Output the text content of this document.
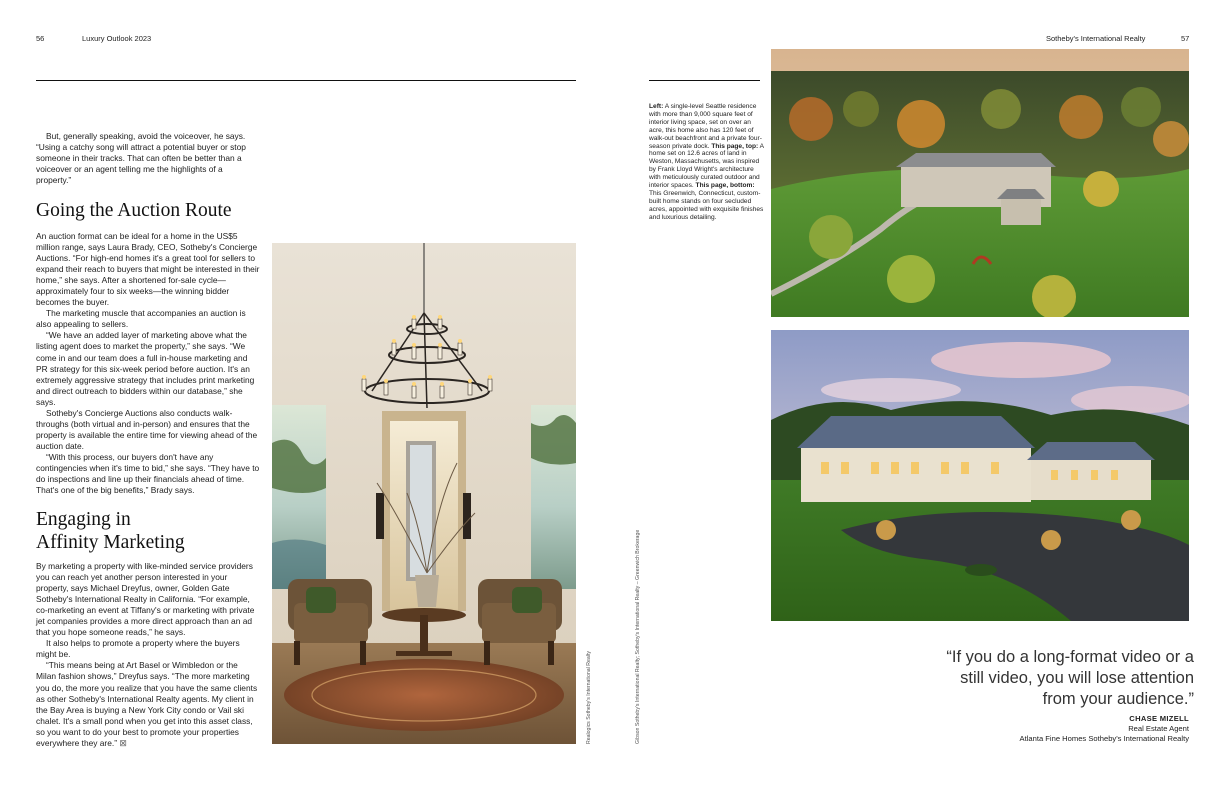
56	Luxury Outlook 2023	Sotheby's International Realty	57

But, generally speaking, avoid the voiceover, he says. “Using a catchy song will attract a potential buyer or stop someone in their tracks. That can often be better than a voiceover or an agent telling me the highlights of a property.”

Going the Auction Route

An auction format can be ideal for a home in the US$5 million range, says Laura Brady, CEO, Sotheby's Concierge Auctions. “For high-end homes it's a great tool for sellers to expand their reach to buyers that might be interested in their home,” she says. After a shortened for-sale cycle—approximately four to six weeks—the winning bidder becomes the buyer.

The marketing muscle that accompanies an auction is also appealing to sellers.

“We have an added layer of marketing above what the listing agent does to market the property,” she says. “We come in and our team does a full in-house marketing and PR strategy for this six-week period before auction. It's an extremely aggressive strategy that includes print marketing and direct outreach to bidders within our database,” she says.

Sotheby's Concierge Auctions also conducts walk-throughs (both virtual and in-person) and ensures that the property is available the entire time for viewing ahead of the auction date.

“With this process, our buyers don't have any contingencies when it's time to bid,” she says. “They have to do inspections and line up their financials ahead of time. That's one of the big benefits,” Brady says.

Engaging in
Affinity Marketing

By marketing a property with like-minded service providers you can reach yet another person interested in your property, says Michael Dreyfus, owner, Golden Gate Sotheby's International Realty in California. “For example, co-marketing an event at Tiffany's or marketing with private jet companies provides a more direct approach than an ad that you hope someone reads,” he says.

It also helps to promote a property where the buyers might be.

“This means being at Art Basel or Wimbledon or the Milan fashion shows,” Dreyfus says. “The more marketing you do, the more you realize that you have the same clients as other Sotheby's International Realty agents. My client in the Bay Area is buying a New York City condo or Vail ski chalet. It's a small pond when you get into this asset class, so you want to do your best to promote your properties everywhere they are.” ⊠	Realogics Sotheby's International Realty
Left: A single-level Seattle residence with more than 9,000 square feet of interior living space, set on over an acre, this home also has 120 feet of walk-out beachfront and a private four-season private dock. This page, top: A home set on 12.6 acres of land in Weston, Massachusetts, was inspired by Frank Lloyd Wright's architecture with meticulously curated outdoor and interior spaces. This page, bottom: This Greenwich, Connecticut, custom-built home stands on four secluded acres, appointed with exquisite finishes and luxurious detailing.
Gibson Sotheby's International Realty; Sotheby's International Realty – Greenwich Brokerage	“If you do a long-format video or a still video, you will lose attention from your audience.”
CHASE MIZELL
Real Estate Agent
Atlanta Fine Homes Sotheby's International Realty
